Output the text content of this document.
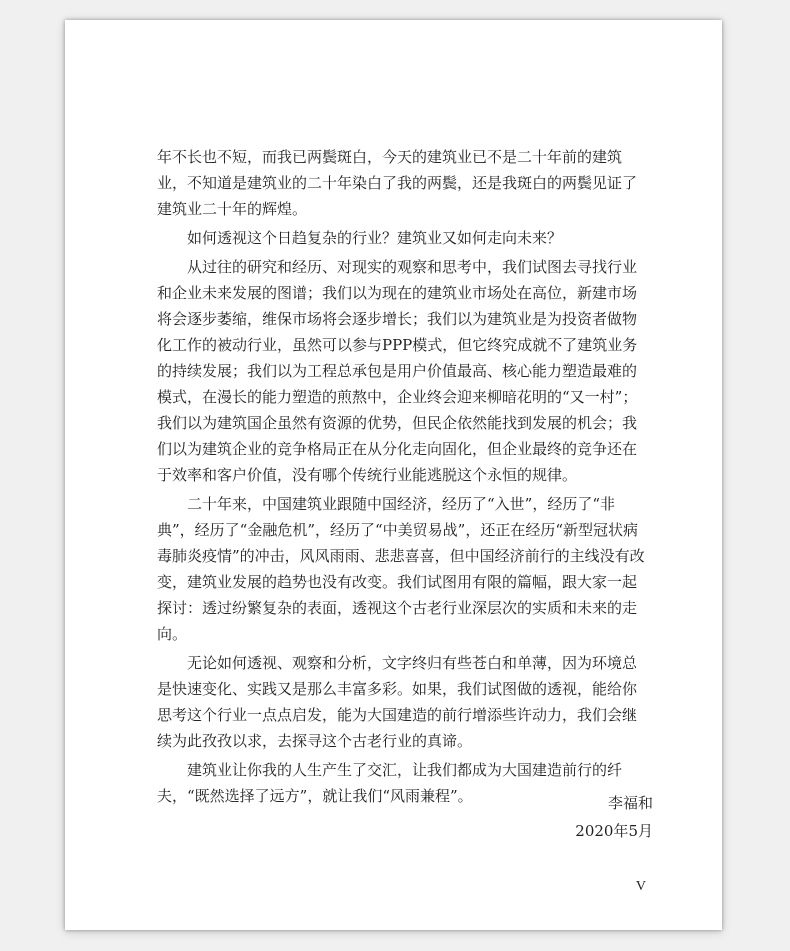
年不长也不短，而我已两鬓斑白，今天的建筑业已不是二十年前的建筑业，不知道是建筑业的二十年染白了我的两鬓，还是我斑白的两鬓见证了建筑业二十年的辉煌。

如何透视这个日趋复杂的行业？建筑业又如何走向未来？

从过往的研究和经历、对现实的观察和思考中，我们试图去寻找行业和企业未来发展的图谱；我们以为现在的建筑业市场处在高位，新建市场将会逐步萎缩，维保市场将会逐步增长；我们以为建筑业是为投资者做物化工作的被动行业，虽然可以参与PPP模式，但它终究成就不了建筑业务的持续发展；我们以为工程总承包是用户价值最高、核心能力塑造最难的模式，在漫长的能力塑造的煎熬中，企业终会迎来柳暗花明的“又一村”；我们以为建筑国企虽然有资源的优势，但民企依然能找到发展的机会；我们以为建筑企业的竞争格局正在从分化走向固化，但企业最终的竞争还在于效率和客户价值，没有哪个传统行业能逃脱这个永恒的规律。

二十年来，中国建筑业跟随中国经济，经历了“入世”，经历了“非典”，经历了“金融危机”，经历了“中美贸易战”，还正在经历“新型冠状病毒肺炎疫情”的冲击，风风雨雨、悲悲喜喜，但中国经济前行的主线没有改变，建筑业发展的趋势也没有改变。我们试图用有限的篇幅，跟大家一起探讨：透过纷繁复杂的表面，透视这个古老行业深层次的实质和未来的走向。

无论如何透视、观察和分析，文字终归有些苍白和单薄，因为环境总是快速变化、实践又是那么丰富多彩。如果，我们试图做的透视，能给你思考这个行业一点点启发，能为大国建造的前行增添些许动力，我们会继续为此孜孜以求，去探寻这个古老行业的真谛。

建筑业让你我的人生产生了交汇，让我们都成为大国建造前行的纤夫，“既然选择了远方”，就让我们“风雨兼程”。	李福和
2020年5月
V
